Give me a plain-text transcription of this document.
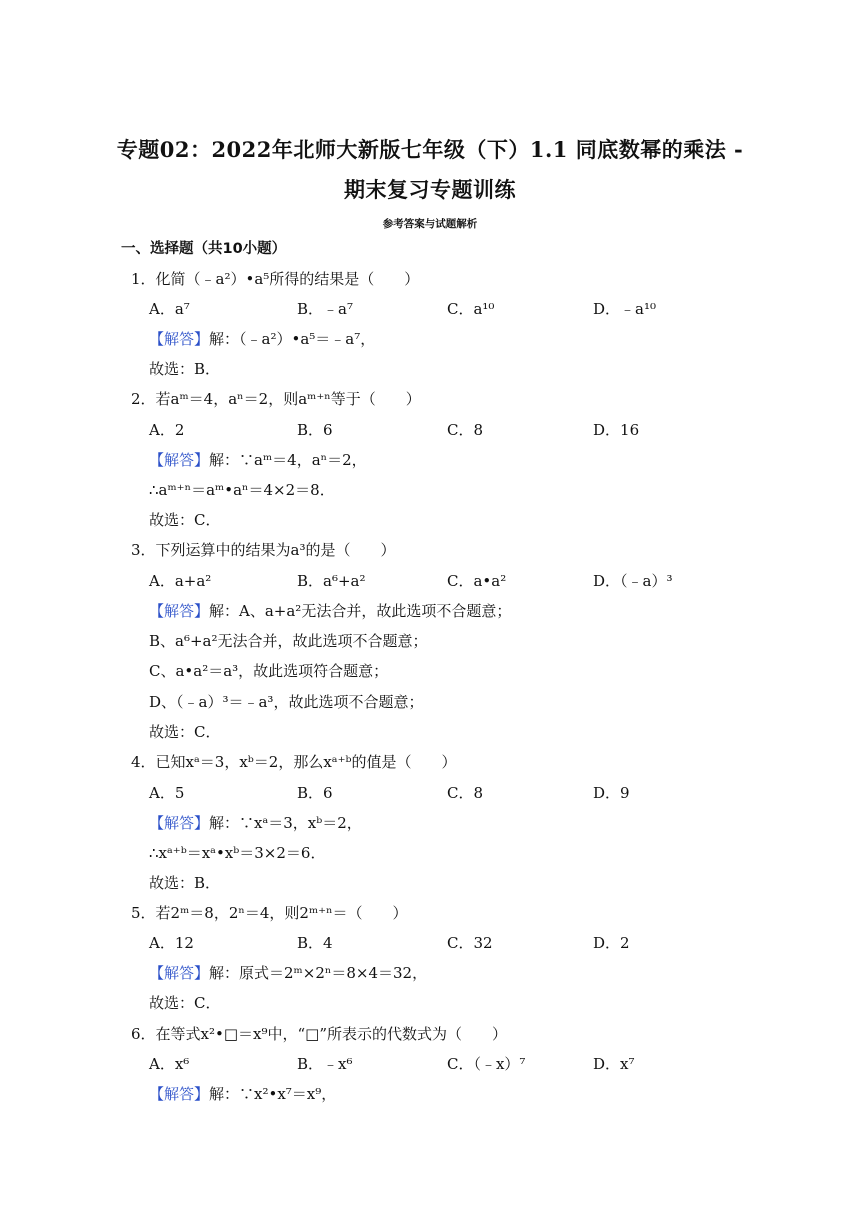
专题02：2022年北师大新版七年级（下）1.1 同底数幂的乘法 -
期末复习专题训练
参考答案与试题解析
一、选择题（共10小题）
1．化简（﹣a²）•a⁵所得的结果是（　　）
A．a⁷	B．﹣a⁷	C．a¹⁰	D．﹣a¹⁰
【解答】解：（﹣a²）•a⁵＝﹣a⁷，
故选：B．
2．若aᵐ＝4，aⁿ＝2，则aᵐ⁺ⁿ等于（　　）
A．2	B．6	C．8	D．16
【解答】解：∵aᵐ＝4，aⁿ＝2，
∴aᵐ⁺ⁿ＝aᵐ•aⁿ＝4×2＝8．
故选：C．
3．下列运算中的结果为a³的是（　　）
A．a+a²	B．a⁶+a²	C．a•a²	D．（﹣a）³
【解答】解：A、a+a²无法合并，故此选项不合题意；
B、a⁶+a²无法合并，故此选项不合题意；
C、a•a²＝a³，故此选项符合题意；
D、（﹣a）³＝﹣a³，故此选项不合题意；
故选：C．
4．已知xᵃ＝3，xᵇ＝2，那么xᵃ⁺ᵇ的值是（　　）
A．5	B．6	C．8	D．9
【解答】解：∵xᵃ＝3，xᵇ＝2，
∴xᵃ⁺ᵇ＝xᵃ•xᵇ＝3×2＝6．
故选：B．
5．若2ᵐ＝8，2ⁿ＝4，则2ᵐ⁺ⁿ＝（　　）
A．12	B．4	C．32	D．2
【解答】解：原式＝2ᵐ×2ⁿ＝8×4＝32，
故选：C．
6．在等式x²•□＝x⁹中，“□”所表示的代数式为（　　）
A．x⁶	B．﹣x⁶	C．（﹣x）⁷	D．x⁷
【解答】解：∵x²•x⁷＝x⁹，
